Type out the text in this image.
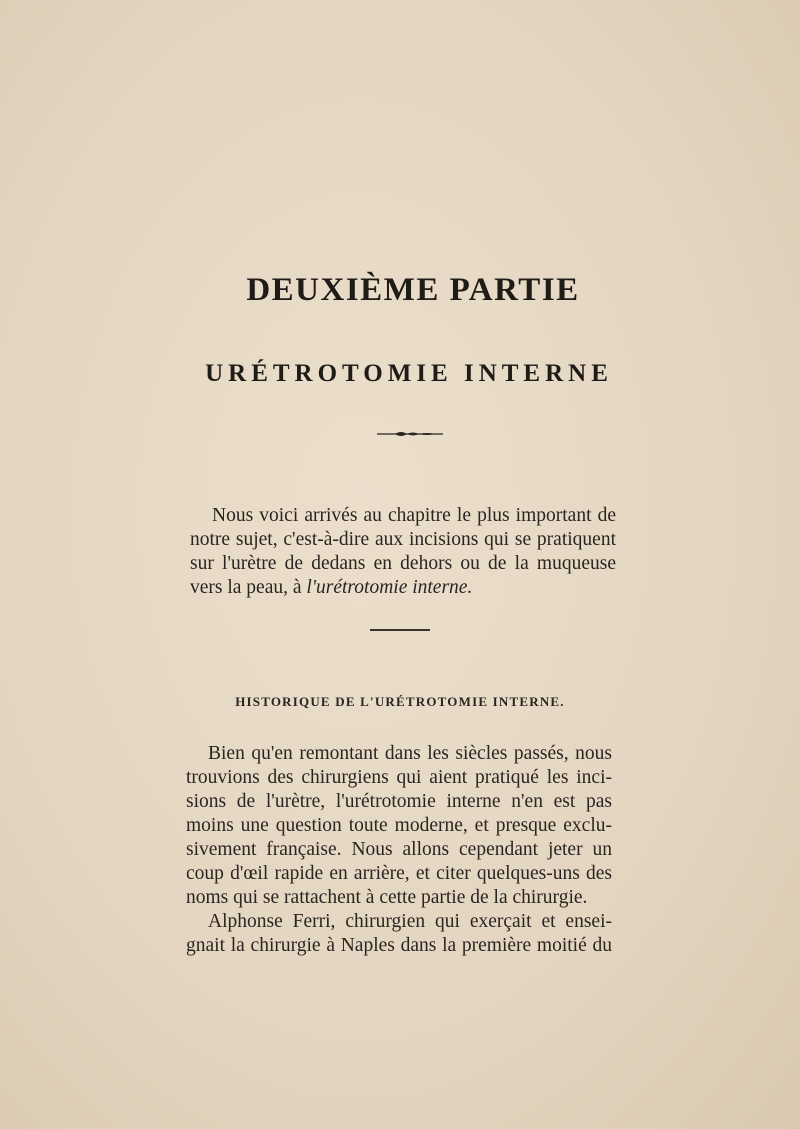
DEUXIÈME PARTIE
URÉTROTOMIE INTERNE
Nous voici arrivés au chapitre le plus important de
notre sujet, c'est-à-dire aux incisions qui se pratiquent
sur l'urètre de dedans en dehors ou de la muqueuse
vers la peau, à l'urétrotomie interne.
HISTORIQUE DE L'URÉTROTOMIE INTERNE.
Bien qu'en remontant dans les siècles passés, nous
trouvions des chirurgiens qui aient pratiqué les inci-
sions de l'urètre, l'urétrotomie interne n'en est pas
moins une question toute moderne, et presque exclu-
sivement française. Nous allons cependant jeter un
coup d'œil rapide en arrière, et citer quelques-uns des
noms qui se rattachent à cette partie de la chirurgie.
Alphonse Ferri, chirurgien qui exerçait et ensei-
gnait la chirurgie à Naples dans la première moitié du
